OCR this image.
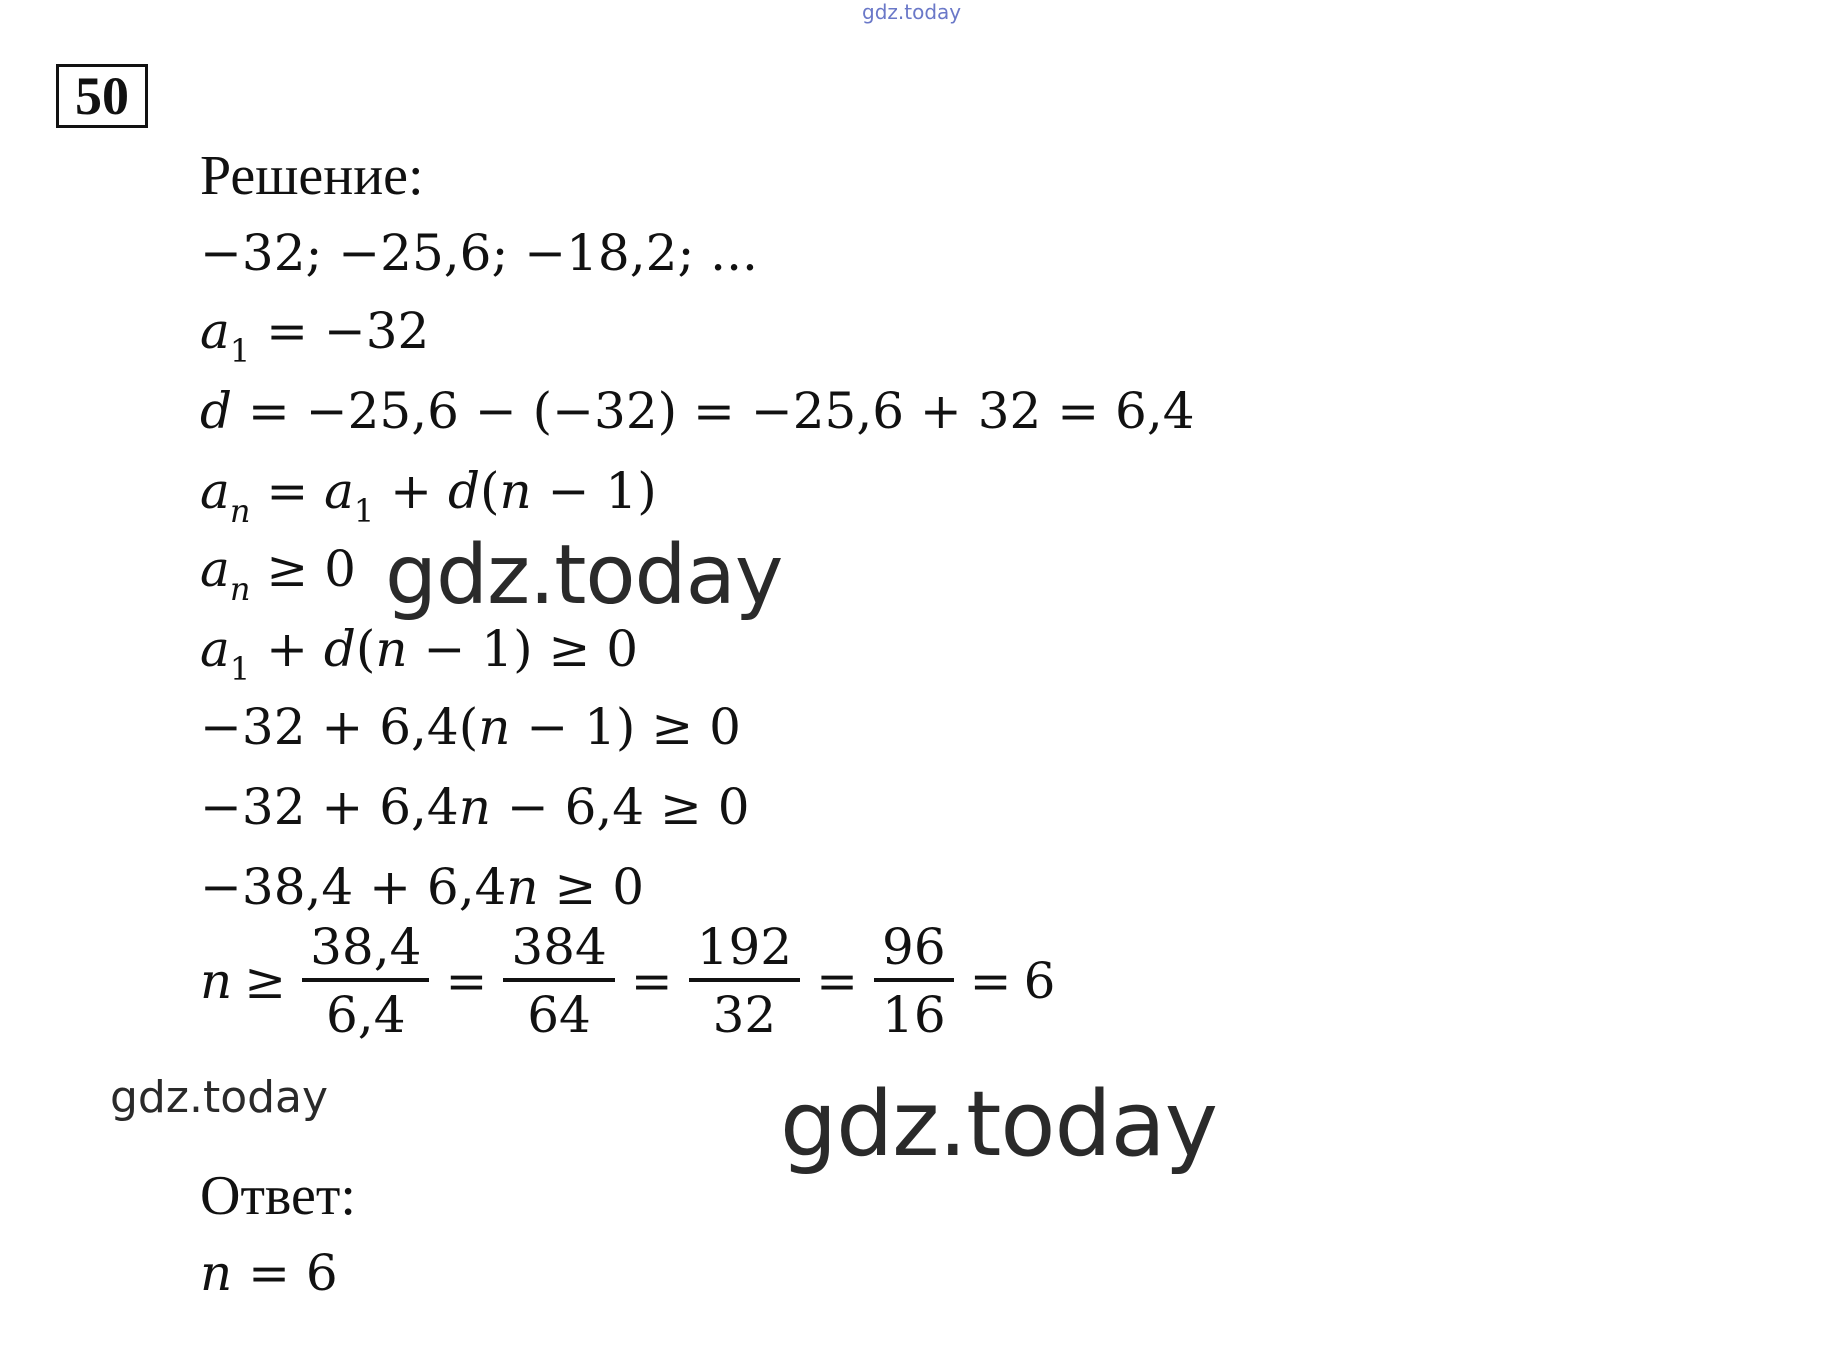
gdz.today
50
Решение:
−32; −25,6; −18,2; ...
$a_1 = -32$
d = −25,6 − (−32) = −25,6 + 32 = 6,4
$a_n = a_1 + d(n - 1)$
$a_n \ge 0$ gdz.today
$a_1 + d(n - 1) \ge 0$
−32 + 6,4(n − 1) ≥ 0
−32 + 6,4n − 6,4 ≥ 0
−38,4 + 6,4n ≥ 0
$n \ge \frac{38,4}{6,4} = \frac{384}{64} = \frac{192}{32} = \frac{96}{16} = 6$
gdz.today	gdz.today
Ответ:
n = 6
